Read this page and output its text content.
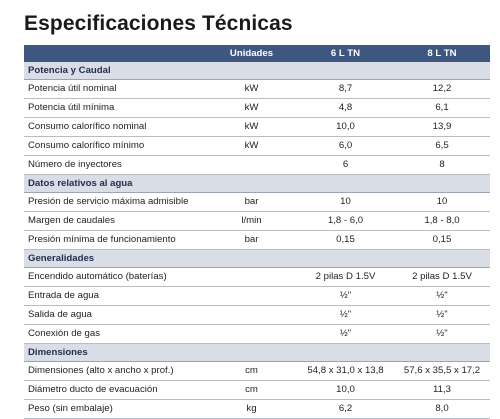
Especificaciones Técnicas
	Unidades	6 L TN	8 L TN
Potencia y Caudal			
Potencia útil nominal	kW	8,7	12,2
Potencia útil mínima	kW	4,8	6,1
Consumo calorífico nominal	kW	10,0	13,9
Consumo calorífico mínimo	kW	6,0	6,5
Número de inyectores		6	8
Datos relativos al agua			
Presión de servicio máxima admisible	bar	10	10
Margen de caudales	l/min	1,8 - 6,0	1,8 - 8,0
Presión mínima de funcionamiento	bar	0,15	0,15
Generalidades			
Encendido automático (baterías)		2 pilas D 1.5V	2 pilas D 1.5V
Entrada de agua		½"	½"
Salida de agua		½"	½"
Conexión de gas		½"	½"
Dimensiones			
Dimensiones (alto x ancho x prof.)	cm	54,8 x 31,0 x 13,8	57,6 x 35,5 x 17,2
Diámetro ducto de evacuación	cm	10,0	11,3
Peso (sin embalaje)	kg	6,2	8,0
